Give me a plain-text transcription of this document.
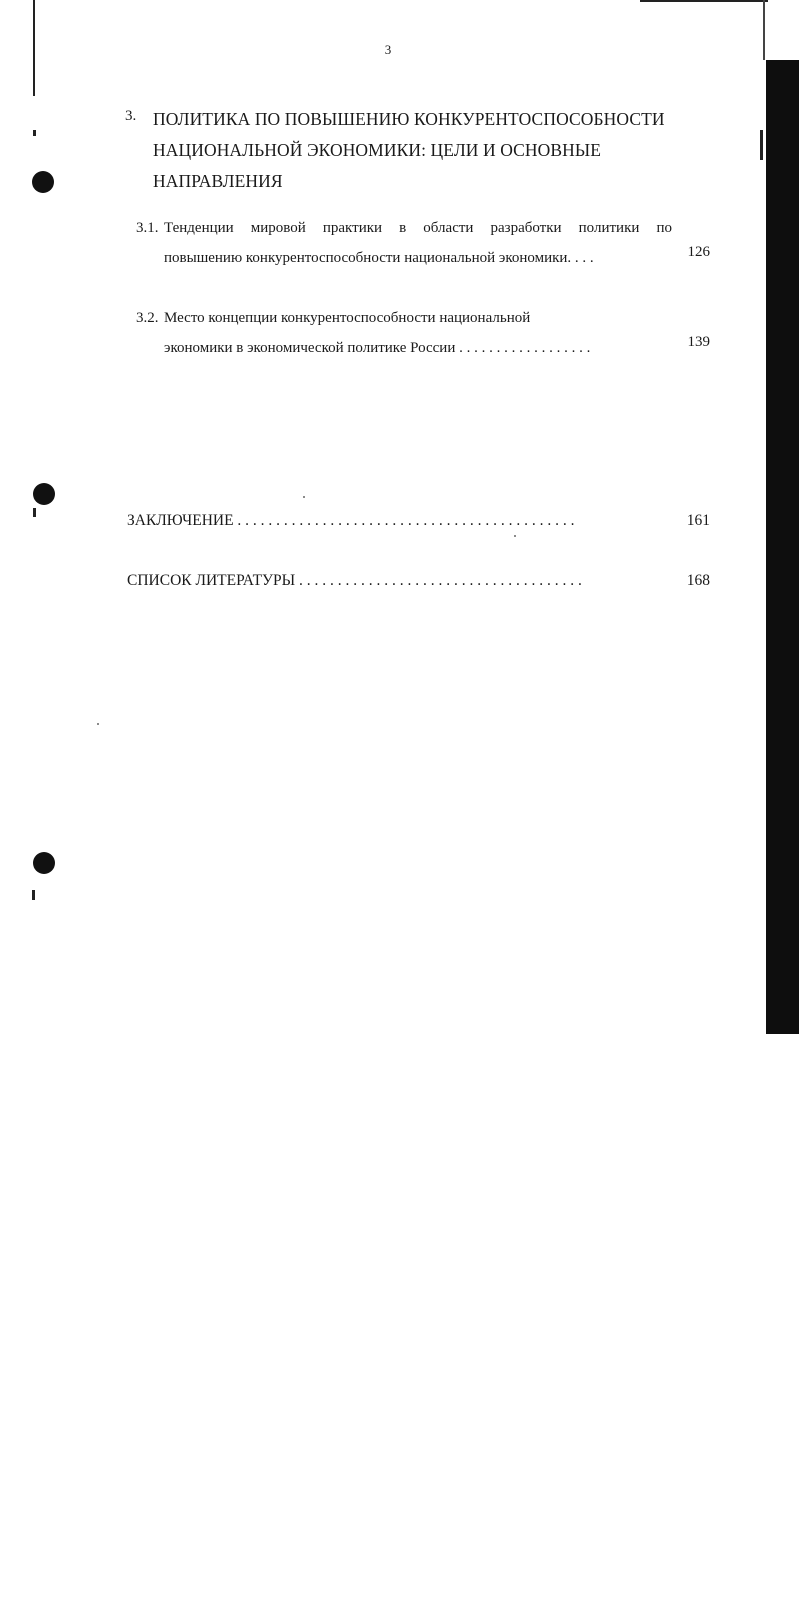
3
3. ПОЛИТИКА ПО ПОВЫШЕНИЮ КОНКУРЕНТОСПОСОБНОСТИ
НАЦИОНАЛЬНОЙ ЭКОНОМИКИ: ЦЕЛИ И ОСНОВНЫЕ
НАПРАВЛЕНИЯ
3.1. Тенденции мировой практики в области разработки политики по
повышению конкурентоспособности национальной экономики. . . .	126
3.2. Место концепции конкурентоспособности национальной
экономики в экономической политике России . . . . . . . . . . . . . . . . . .	139
ЗАКЛЮЧЕНИЕ . . . . . . . . . . . . . . . . . . . . . . . . . . . . . . . . . . . . . . . . . . . .	161
СПИСОК ЛИТЕРАТУРЫ . . . . . . . . . . . . . . . . . . . . . . . . . . . . . . . . . . . . .	168
